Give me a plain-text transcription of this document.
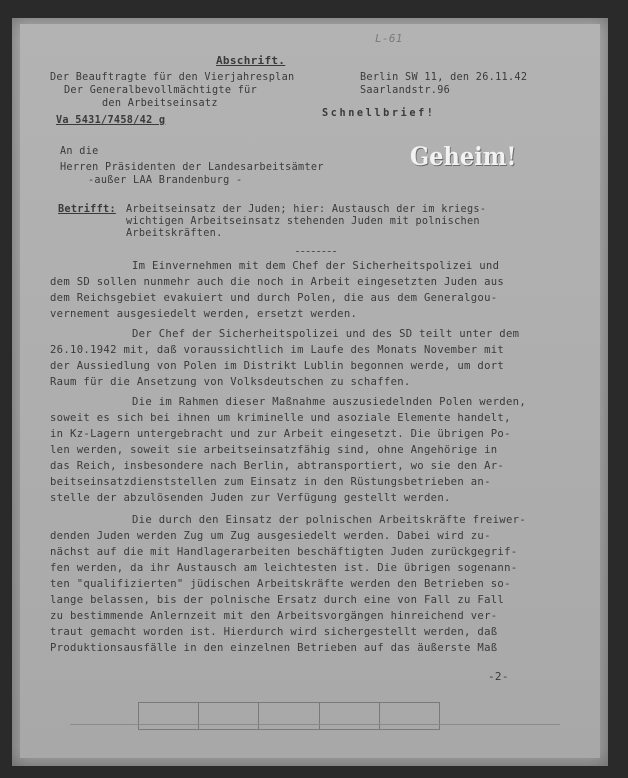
L-61
Abschrift.
Der Beauftragte für den Vierjahresplan
Der Generalbevollmächtigte für
den Arbeitseinsatz
Va 5431/7458/42 g
Berlin SW 11, den 26.11.42
Saarlandstr.96
Schnellbrief!
Geheim!
An die
Herren Präsidenten der Landesarbeitsämter
-außer LAA Brandenburg -
Betrifft: Arbeitseinsatz der Juden; hier: Austausch der im kriegs-
wichtigen Arbeitseinsatz stehenden Juden mit polnischen
Arbeitskräften.
Im Einvernehmen mit dem Chef der Sicherheitspolizei und
dem SD sollen nunmehr auch die noch in Arbeit eingesetzten Juden aus
dem Reichsgebiet evakuiert und durch Polen, die aus dem Generalgou-
vernement ausgesiedelt werden, ersetzt werden.
Der Chef der Sicherheitspolizei und des SD teilt unter dem
26.10.1942 mit, daß voraussichtlich im Laufe des Monats November mit
der Aussiedlung von Polen im Distrikt Lublin begonnen werde, um dort
Raum für die Ansetzung von Volksdeutschen zu schaffen.
Die im Rahmen dieser Maßnahme auszusiedelnden Polen werden,
soweit es sich bei ihnen um kriminelle und asoziale Elemente handelt,
in Kz-Lagern untergebracht und zur Arbeit eingesetzt. Die übrigen Po-
len werden, soweit sie arbeitseinsatzfähig sind, ohne Angehörige in
das Reich, insbesondere nach Berlin, abtransportiert, wo sie den Ar-
beitseinsatzdienststellen zum Einsatz in den Rüstungsbetrieben an-
stelle der abzulösenden Juden zur Verfügung gestellt werden.
Die durch den Einsatz der polnischen Arbeitskräfte freiwer-
denden Juden werden Zug um Zug ausgesiedelt werden. Dabei wird zu-
nächst auf die mit Handlagerarbeiten beschäftigten Juden zurückgegrif-
fen werden, da ihr Austausch am leichtesten ist. Die übrigen sogenann-
ten "qualifizierten" jüdischen Arbeitskräfte werden den Betrieben so-
lange belassen, bis der polnische Ersatz durch eine von Fall zu Fall
zu bestimmende Anlernzeit mit den Arbeitsvorgängen hinreichend ver-
traut gemacht worden ist. Hierdurch wird sichergestellt werden, daß
Produktionsausfälle in den einzelnen Betrieben auf das äußerste Maß
-2-
